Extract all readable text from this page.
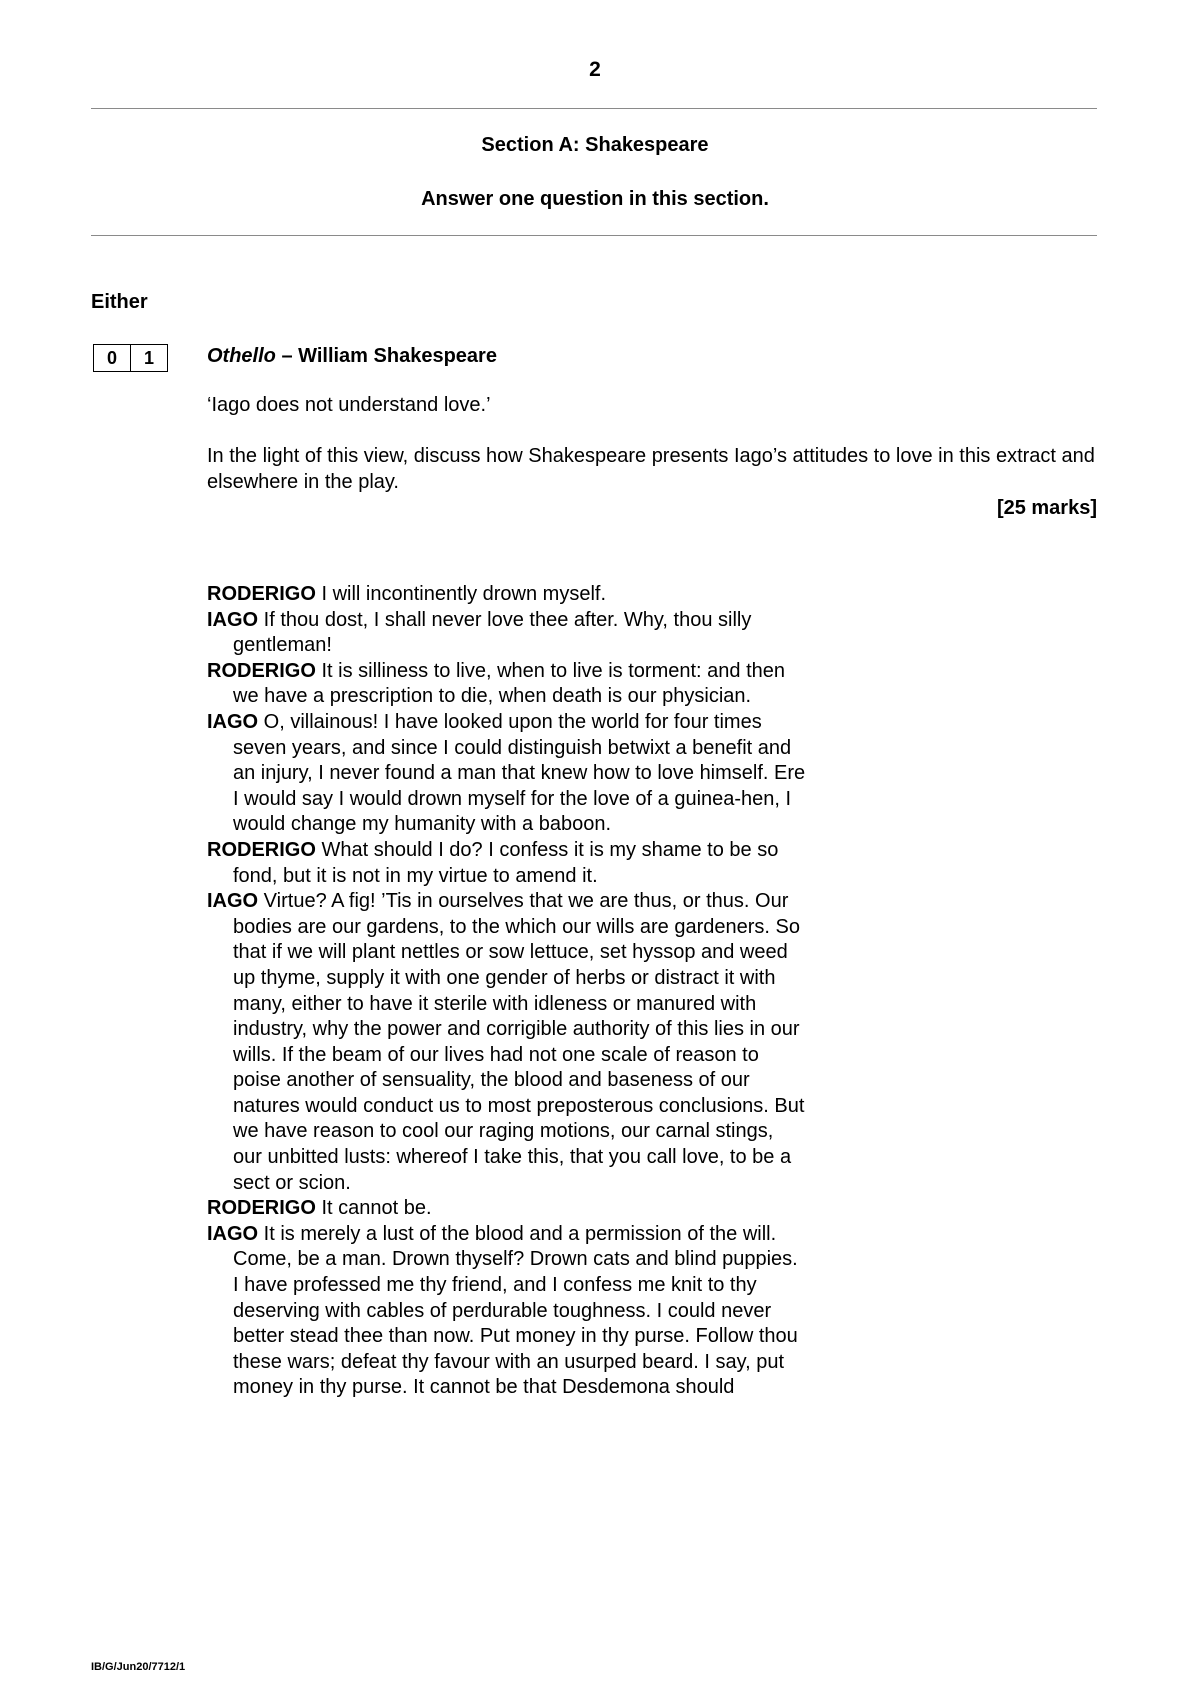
2
Section A: Shakespeare
Answer one question in this section.
Either
0	1	Othello – William Shakespeare
‘Iago does not understand love.’
In the light of this view, discuss how Shakespeare presents Iago’s attitudes to love in this extract and elsewhere in the play.
[25 marks]
RODERIGO I will incontinently drown myself.
IAGO If thou dost, I shall never love thee after. Why, thou silly gentleman!
RODERIGO It is silliness to live, when to live is torment: and then we have a prescription to die, when death is our physician.
IAGO O, villainous! I have looked upon the world for four times seven years, and since I could distinguish betwixt a benefit and an injury, I never found a man that knew how to love himself. Ere I would say I would drown myself for the love of a guinea-hen, I would change my humanity with a baboon.
RODERIGO What should I do? I confess it is my shame to be so fond, but it is not in my virtue to amend it.
IAGO Virtue? A fig! ’Tis in ourselves that we are thus, or thus. Our bodies are our gardens, to the which our wills are gardeners. So that if we will plant nettles or sow lettuce, set hyssop and weed up thyme, supply it with one gender of herbs or distract it with many, either to have it sterile with idleness or manured with industry, why the power and corrigible authority of this lies in our wills. If the beam of our lives had not one scale of reason to poise another of sensuality, the blood and baseness of our natures would conduct us to most preposterous conclusions. But we have reason to cool our raging motions, our carnal stings, our unbitted lusts: whereof I take this, that you call love, to be a sect or scion.
RODERIGO It cannot be.
IAGO It is merely a lust of the blood and a permission of the will. Come, be a man. Drown thyself? Drown cats and blind puppies. I have professed me thy friend, and I confess me knit to thy deserving with cables of perdurable toughness. I could never better stead thee than now. Put money in thy purse. Follow thou these wars; defeat thy favour with an usurped beard. I say, put money in thy purse. It cannot be that Desdemona should
IB/G/Jun20/7712/1
